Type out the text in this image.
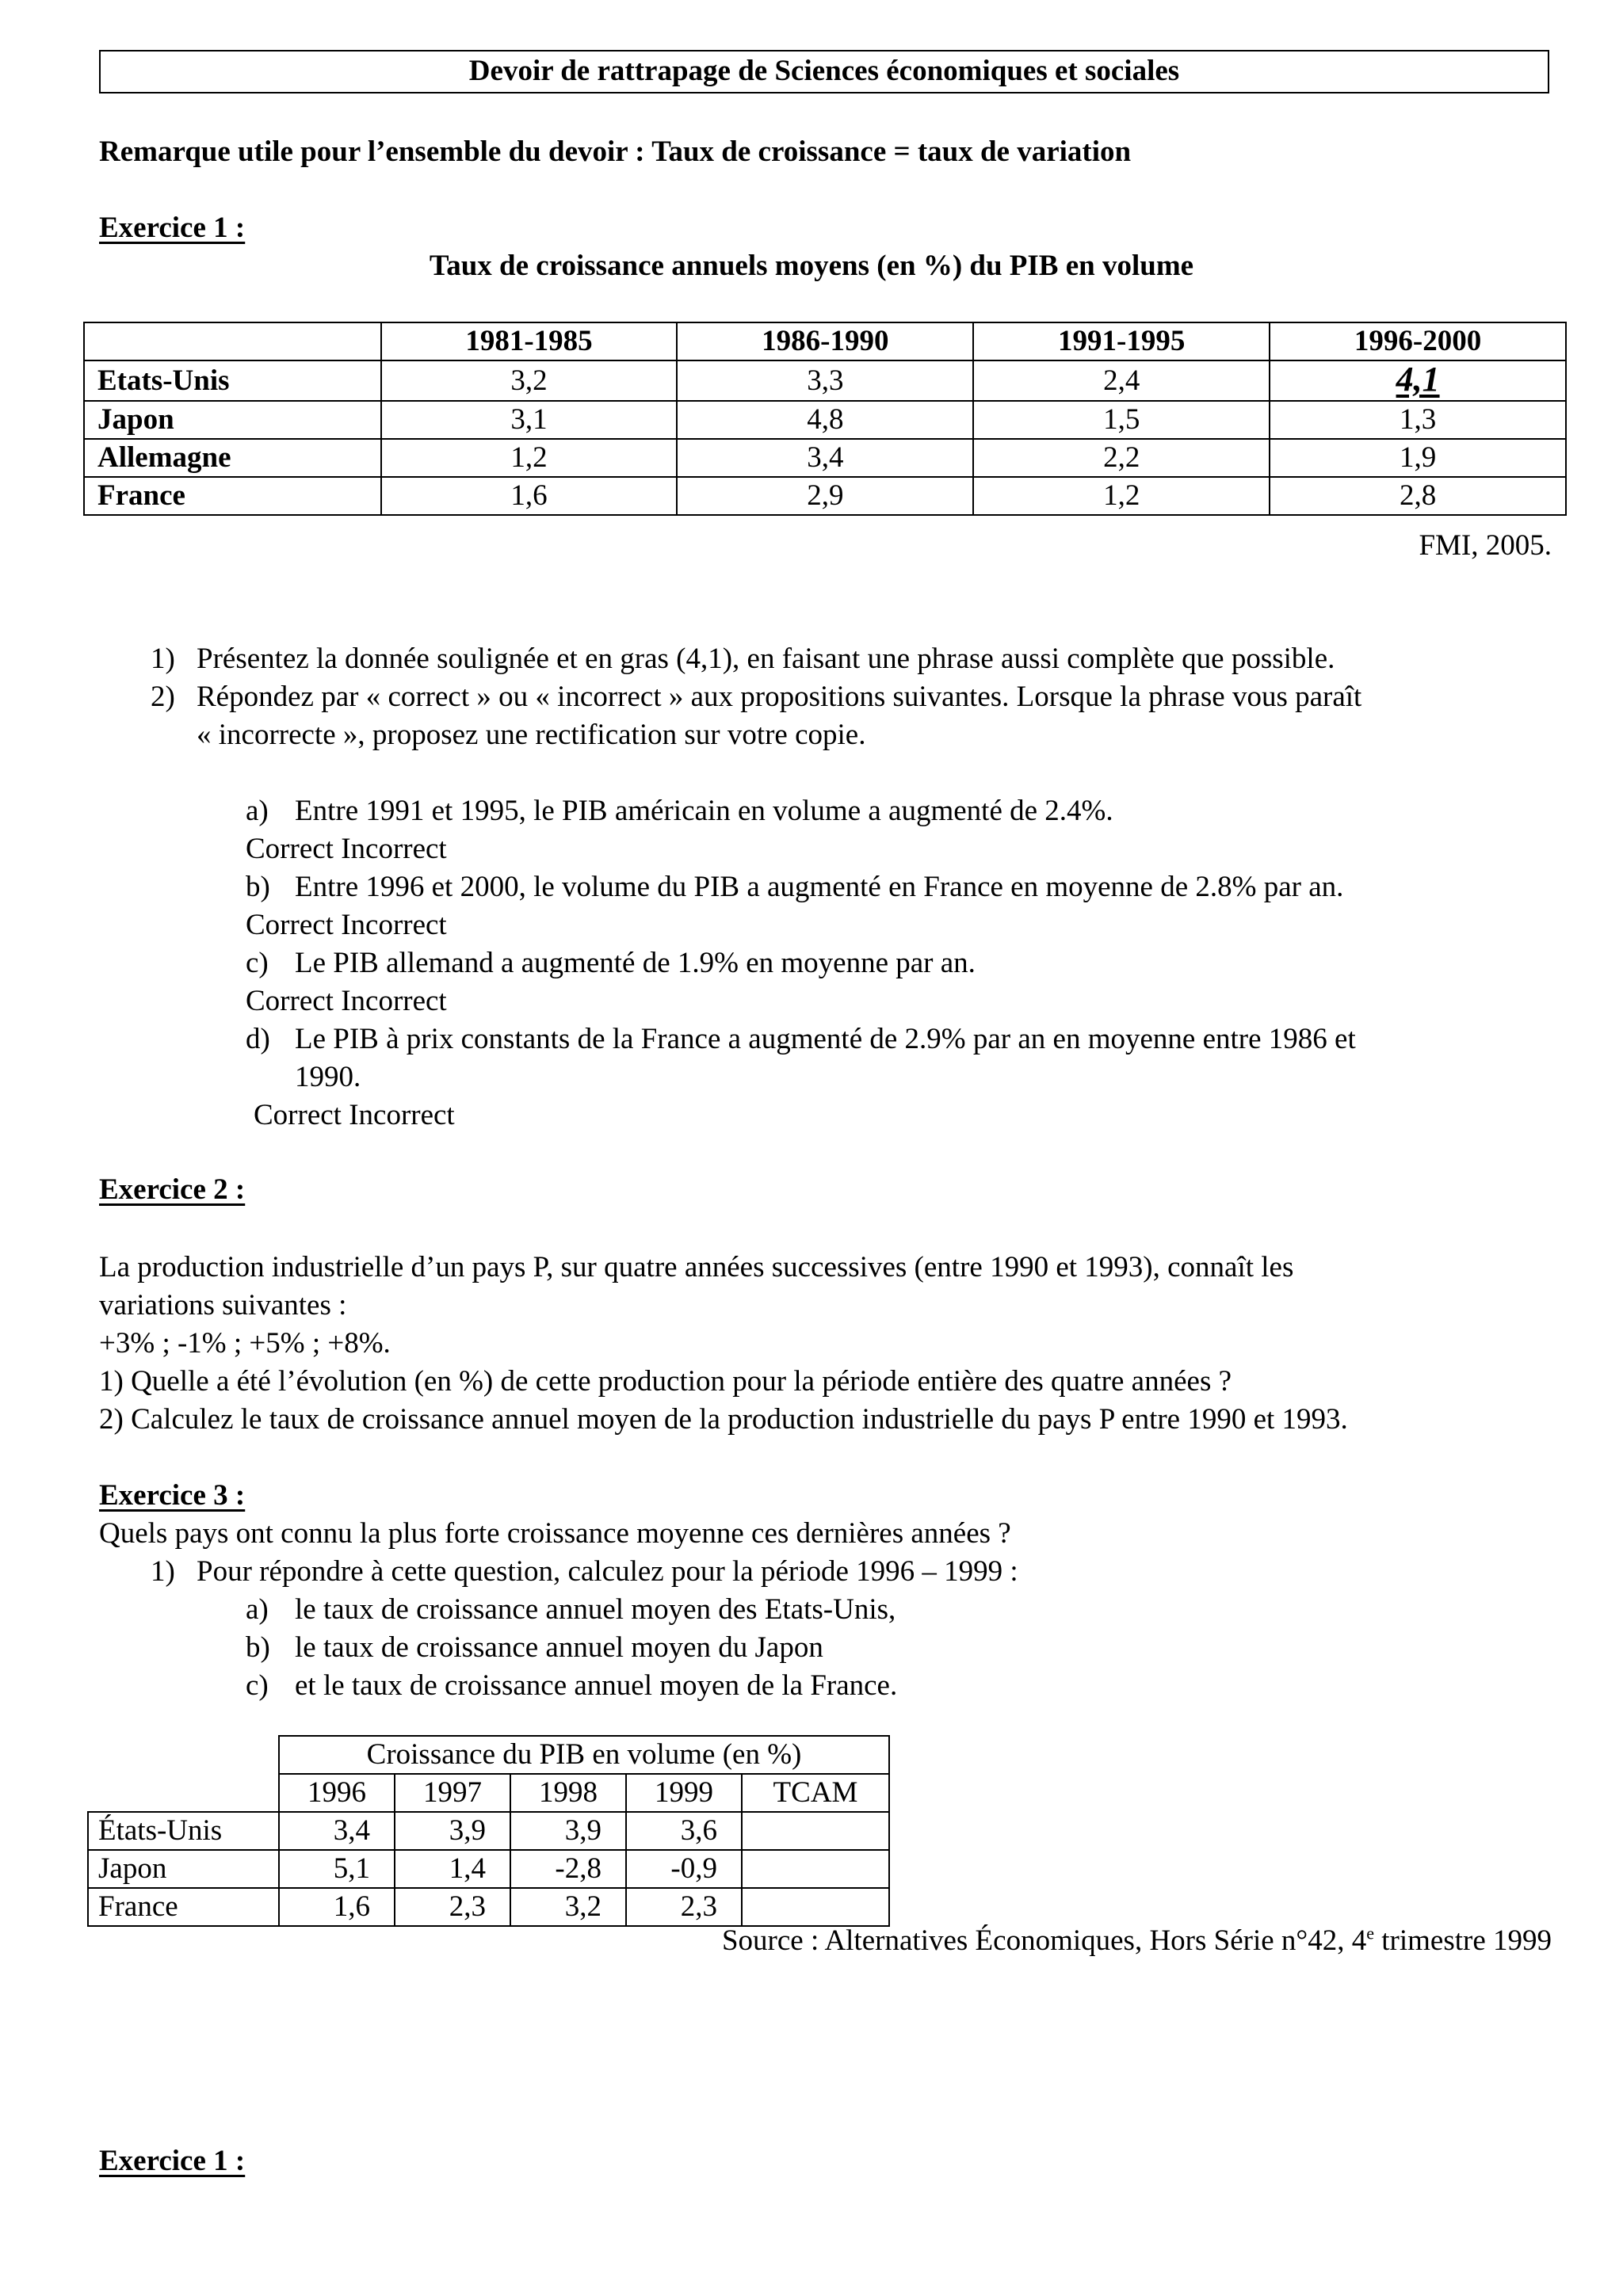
Devoir de rattrapage de Sciences économiques et sociales
Remarque utile pour l’ensemble du devoir : Taux de croissance = taux de variation
Exercice 1 :
Taux de croissance annuels moyens (en %) du PIB en volume
	1981-1985	1986-1990	1991-1995	1996-2000
Etats-Unis	3,2	3,3	2,4	4,1
Japon	3,1	4,8	1,5	1,3
Allemagne	1,2	3,4	2,2	1,9
France	1,6	2,9	1,2	2,8
FMI, 2005.
1) Présentez la donnée soulignée et en gras (4,1), en faisant une phrase aussi complète que possible.
2) Répondez par « correct » ou « incorrect » aux propositions suivantes. Lorsque la phrase vous paraît
« incorrecte », proposez une rectification sur votre copie.
a) Entre 1991 et 1995, le PIB américain en volume a augmenté de 2.4%.
Correct Incorrect
b) Entre 1996 et 2000, le volume du PIB a augmenté en France en moyenne de 2.8% par an.
Correct Incorrect
c) Le PIB allemand a augmenté de 1.9% en moyenne par an.
Correct Incorrect
d) Le PIB à prix constants de la France a augmenté de 2.9% par an en moyenne entre 1986 et
1990.
Correct Incorrect
Exercice 2 :
La production industrielle d’un pays P, sur quatre années successives (entre 1990 et 1993), connaît les
variations suivantes :
+3% ; -1% ; +5% ; +8%.
1) Quelle a été l’évolution (en %) de cette production pour la période entière des quatre années ?
2) Calculez le taux de croissance annuel moyen de la production industrielle du pays P entre 1990 et 1993.
Exercice 3 :
Quels pays ont connu la plus forte croissance moyenne ces dernières années ?
1) Pour répondre à cette question, calculez pour la période 1996 – 1999 :
a) le taux de croissance annuel moyen des Etats-Unis,
b) le taux de croissance annuel moyen du Japon
c) et le taux de croissance annuel moyen de la France.
	Croissance du PIB en volume (en %)				
	1996	1997	1998	1999	TCAM
États-Unis	3,4	3,9	3,9	3,6	
Japon	5,1	1,4	-2,8	-0,9	
France	1,6	2,3	3,2	2,3	
Source : Alternatives Économiques, Hors Série n°42, 4e trimestre 1999
Exercice 1 :
